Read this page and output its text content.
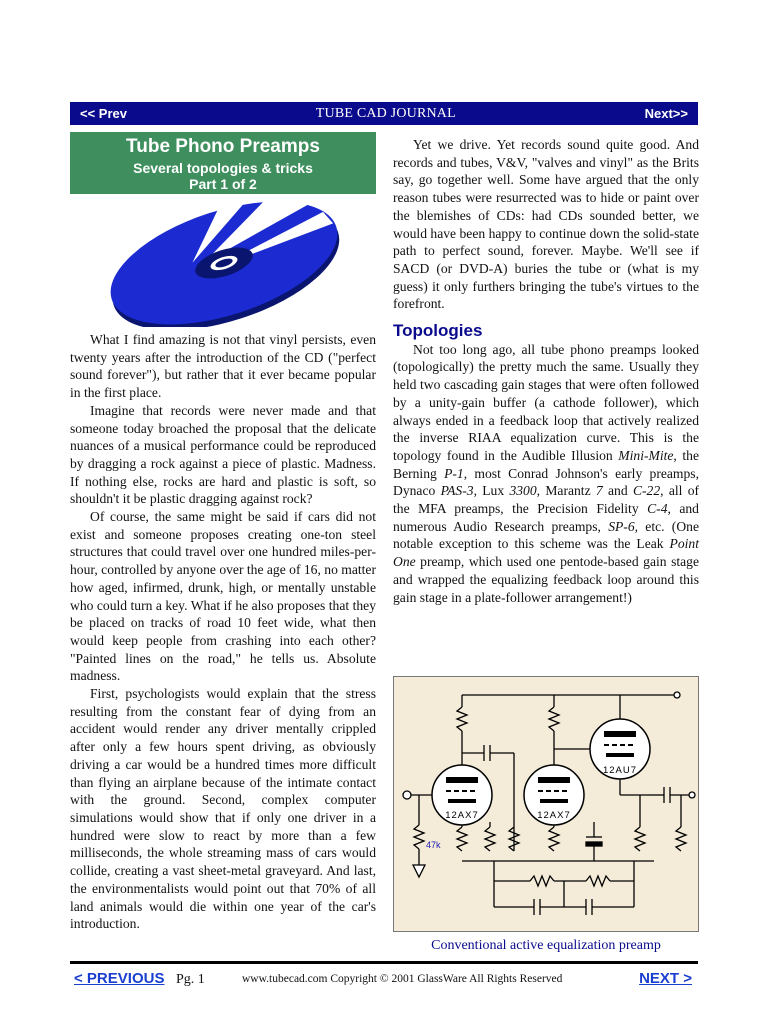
<< Prev	TUBE CAD JOURNAL	Next>>
Tube Phono Preamps
Several topologies & tricks
Part 1 of 2

What I find amazing is not that vinyl persists, even twenty years after the introduction of the CD ("perfect sound forever"), but rather that it ever became popular in the first place.

Imagine that records were never made and that someone today broached the proposal that the delicate nuances of a musical performance could be reproduced by dragging a rock against a piece of plastic. Madness. If nothing else, rocks are hard and plastic is soft, so shouldn't it be plastic dragging against rock?

Of course, the same might be said if cars did not exist and someone proposes creating one-ton steel structures that could travel over one hundred miles-per-hour, controlled by anyone over the age of 16, no matter how aged, infirmed, drunk, high, or mentally unstable who could turn a key. What if he also proposes that they be placed on tracks of road 10 feet wide, what then would keep people from crashing into each other? "Painted lines on the road," he tells us. Absolute madness.

First, psychologists would explain that the stress resulting from the constant fear of dying from an accident would render any driver mentally crippled after only a few hours spent driving, as obviously driving a car would be a hundred times more difficult than flying an airplane because of the intimate contact with the ground. Second, complex computer simulations would show that if only one driver in a hundred were slow to react by more than a few milliseconds, the whole streaming mass of cars would collide, creating a vast sheet-metal graveyard. And last, the environmentalists would point out that 70% of all land animals would die within one year of the car's introduction.

Yet we drive. Yet records sound quite good. And records and tubes, V&V, "valves and vinyl" as the Brits say, go together well. Some have argued that the only reason tubes were resurrected was to hide or paint over the blemishes of CDs: had CDs sounded better, we would have been happy to continue down the solid-state path to perfect sound, forever. Maybe. We'll see if SACD (or DVD-A) buries the tube or (what is my guess) it only furthers bringing the tube's virtues to the forefront.

Topologies

Not too long ago, all tube phono preamps looked (topologically) the pretty much the same. Usually they held two cascading gain stages that were often followed by a unity-gain buffer (a cathode follower), which always ended in a feedback loop that actively realized the inverse RIAA equalization curve. This is the topology found in the Audible Illusion Mini-Mite, the Berning P-1, most Conrad Johnson's early preamps, Dynaco PAS-3, Lux 3300, Marantz 7 and C-22, all of the MFA preamps, the Precision Fidelity C-4, and numerous Audio Research preamps, SP-6, etc. (One notable exception to this scheme was the Leak Point One preamp, which used one pentode-based gain stage and wrapped the equalizing feedback loop around this gain stage in a plate-follower arrangement!)

12AX7	12AX7
12AU7
47k
Conventional active equalization preamp
< PREVIOUS Pg. 1	www.tubecad.com Copyright © 2001 GlassWare All Rights Reserved	NEXT >
